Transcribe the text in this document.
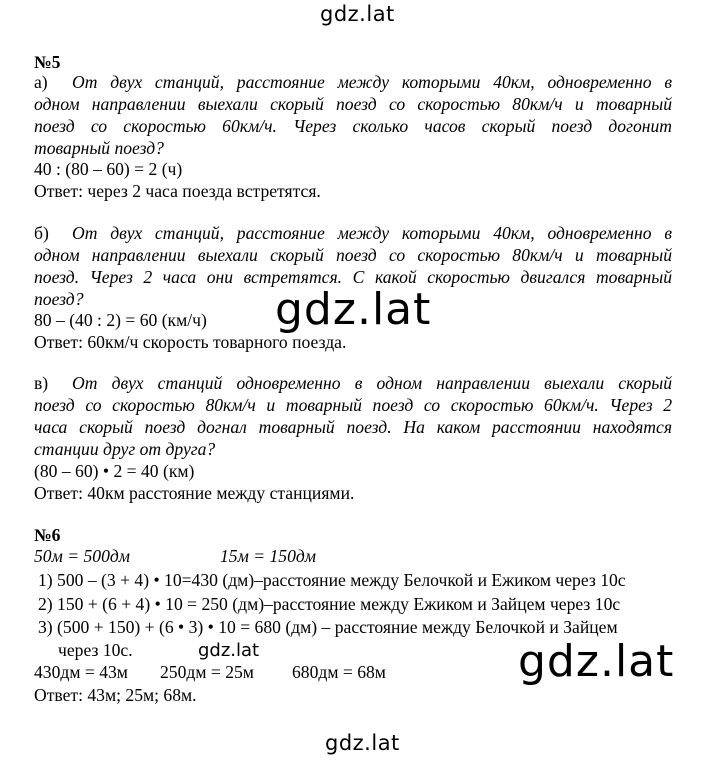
gdz.lat
gdz.lat
gdz.lat	gdz.lat
gdz.lat
№5
а) От двух станций, расстояние между которыми 40км, одновременно в
одном направлении выехали скорый поезд со скоростью 80км/ч и товарный
поезд со скоростью 60км/ч. Через сколько часов скорый поезд догонит
товарный поезд?
40 : (80 – 60) = 2 (ч)
Ответ: через 2 часа поезда встретятся.
б) От двух станций, расстояние между которыми 40км, одновременно в
одном направлении выехали скорый поезд со скоростью 80км/ч и товарный
поезд. Через 2 часа они встретятся. С какой скоростью двигался товарный
поезд?
80 – (40 : 2) = 60 (км/ч)
Ответ: 60км/ч скорость товарного поезда.
в) От двух станций одновременно в одном направлении выехали скорый
поезд со скоростью 80км/ч и товарный поезд со скоростью 60км/ч. Через 2
часа скорый поезд догнал товарный поезд. На каком расстоянии находятся
станции друг от друга?
(80 – 60) • 2 = 40 (км)
Ответ: 40км расстояние между станциями.
№6
50м = 500дм	15м = 150дм
1) 500 – (3 + 4) • 10=430 (дм)–расстояние между Белочкой и Ежиком через 10с
2) 150 + (6 + 4) • 10 = 250 (дм)–расстояние между Ежиком и Зайцем через 10с
3) (500 + 150) + (6 • 3) • 10 = 680 (дм) – расстояние между Белочкой и Зайцем
через 10с.
430дм = 43м 250дм = 25м 680дм = 68м
Ответ: 43м; 25м; 68м.
